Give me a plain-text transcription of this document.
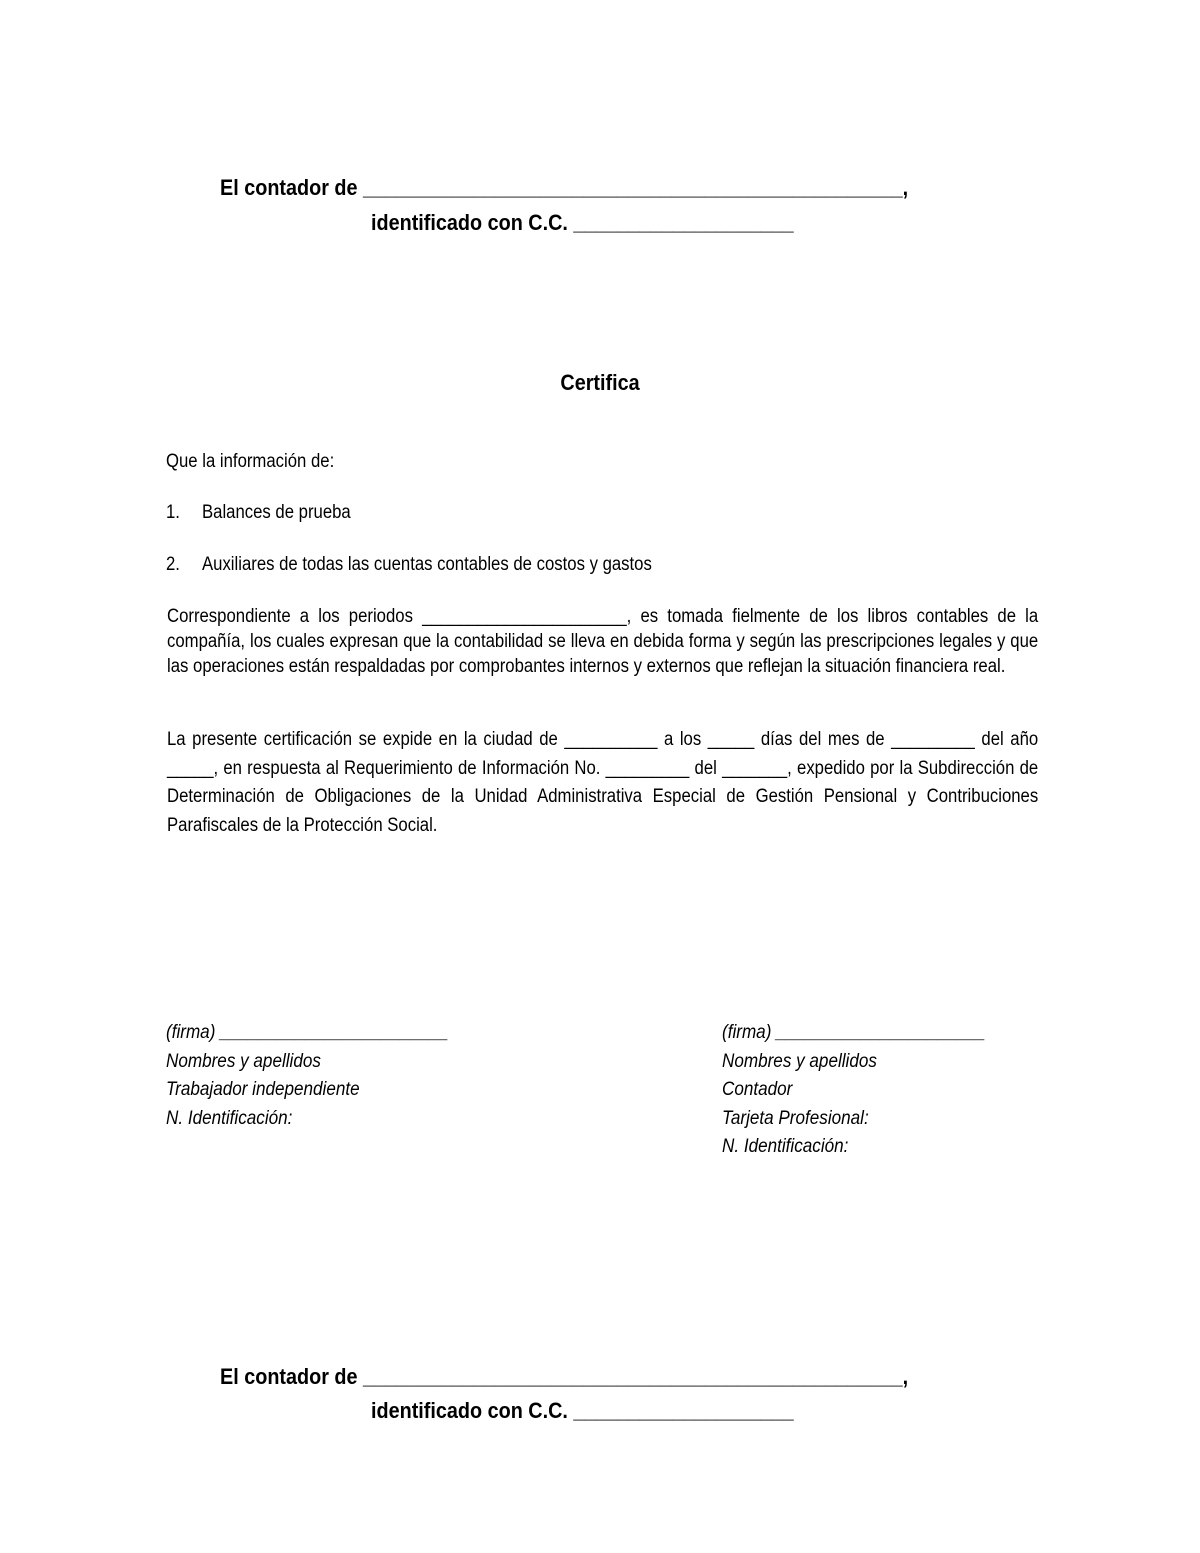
El contador de _________________________________________________,
identificado con C.C. ____________________
Certifica
Que la información de:
1. Balances de prueba
2. Auxiliares de todas las cuentas contables de costos y gastos
Correspondiente a los periodos ______________________, es tomada fielmente de los libros contables de la compañía, los cuales expresan que la contabilidad se lleva en debida forma y según las prescripciones legales y que las operaciones están respaldadas por comprobantes internos y externos que reflejan la situación financiera real.
La presente certificación se expide en la ciudad de __________ a los _____ días del mes de _________ del año _____, en respuesta al Requerimiento de Información No. _________ del _______, expedido por la Subdirección de Determinación de Obligaciones de la Unidad Administrativa Especial de Gestión Pensional y Contribuciones Parafiscales de la Protección Social.
(firma) ________________________
Nombres y apellidos
Trabajador independiente
N. Identificación:
(firma) ______________________
Nombres y apellidos
Contador
Tarjeta Profesional:
N. Identificación:
El contador de _________________________________________________,
identificado con C.C. ____________________
